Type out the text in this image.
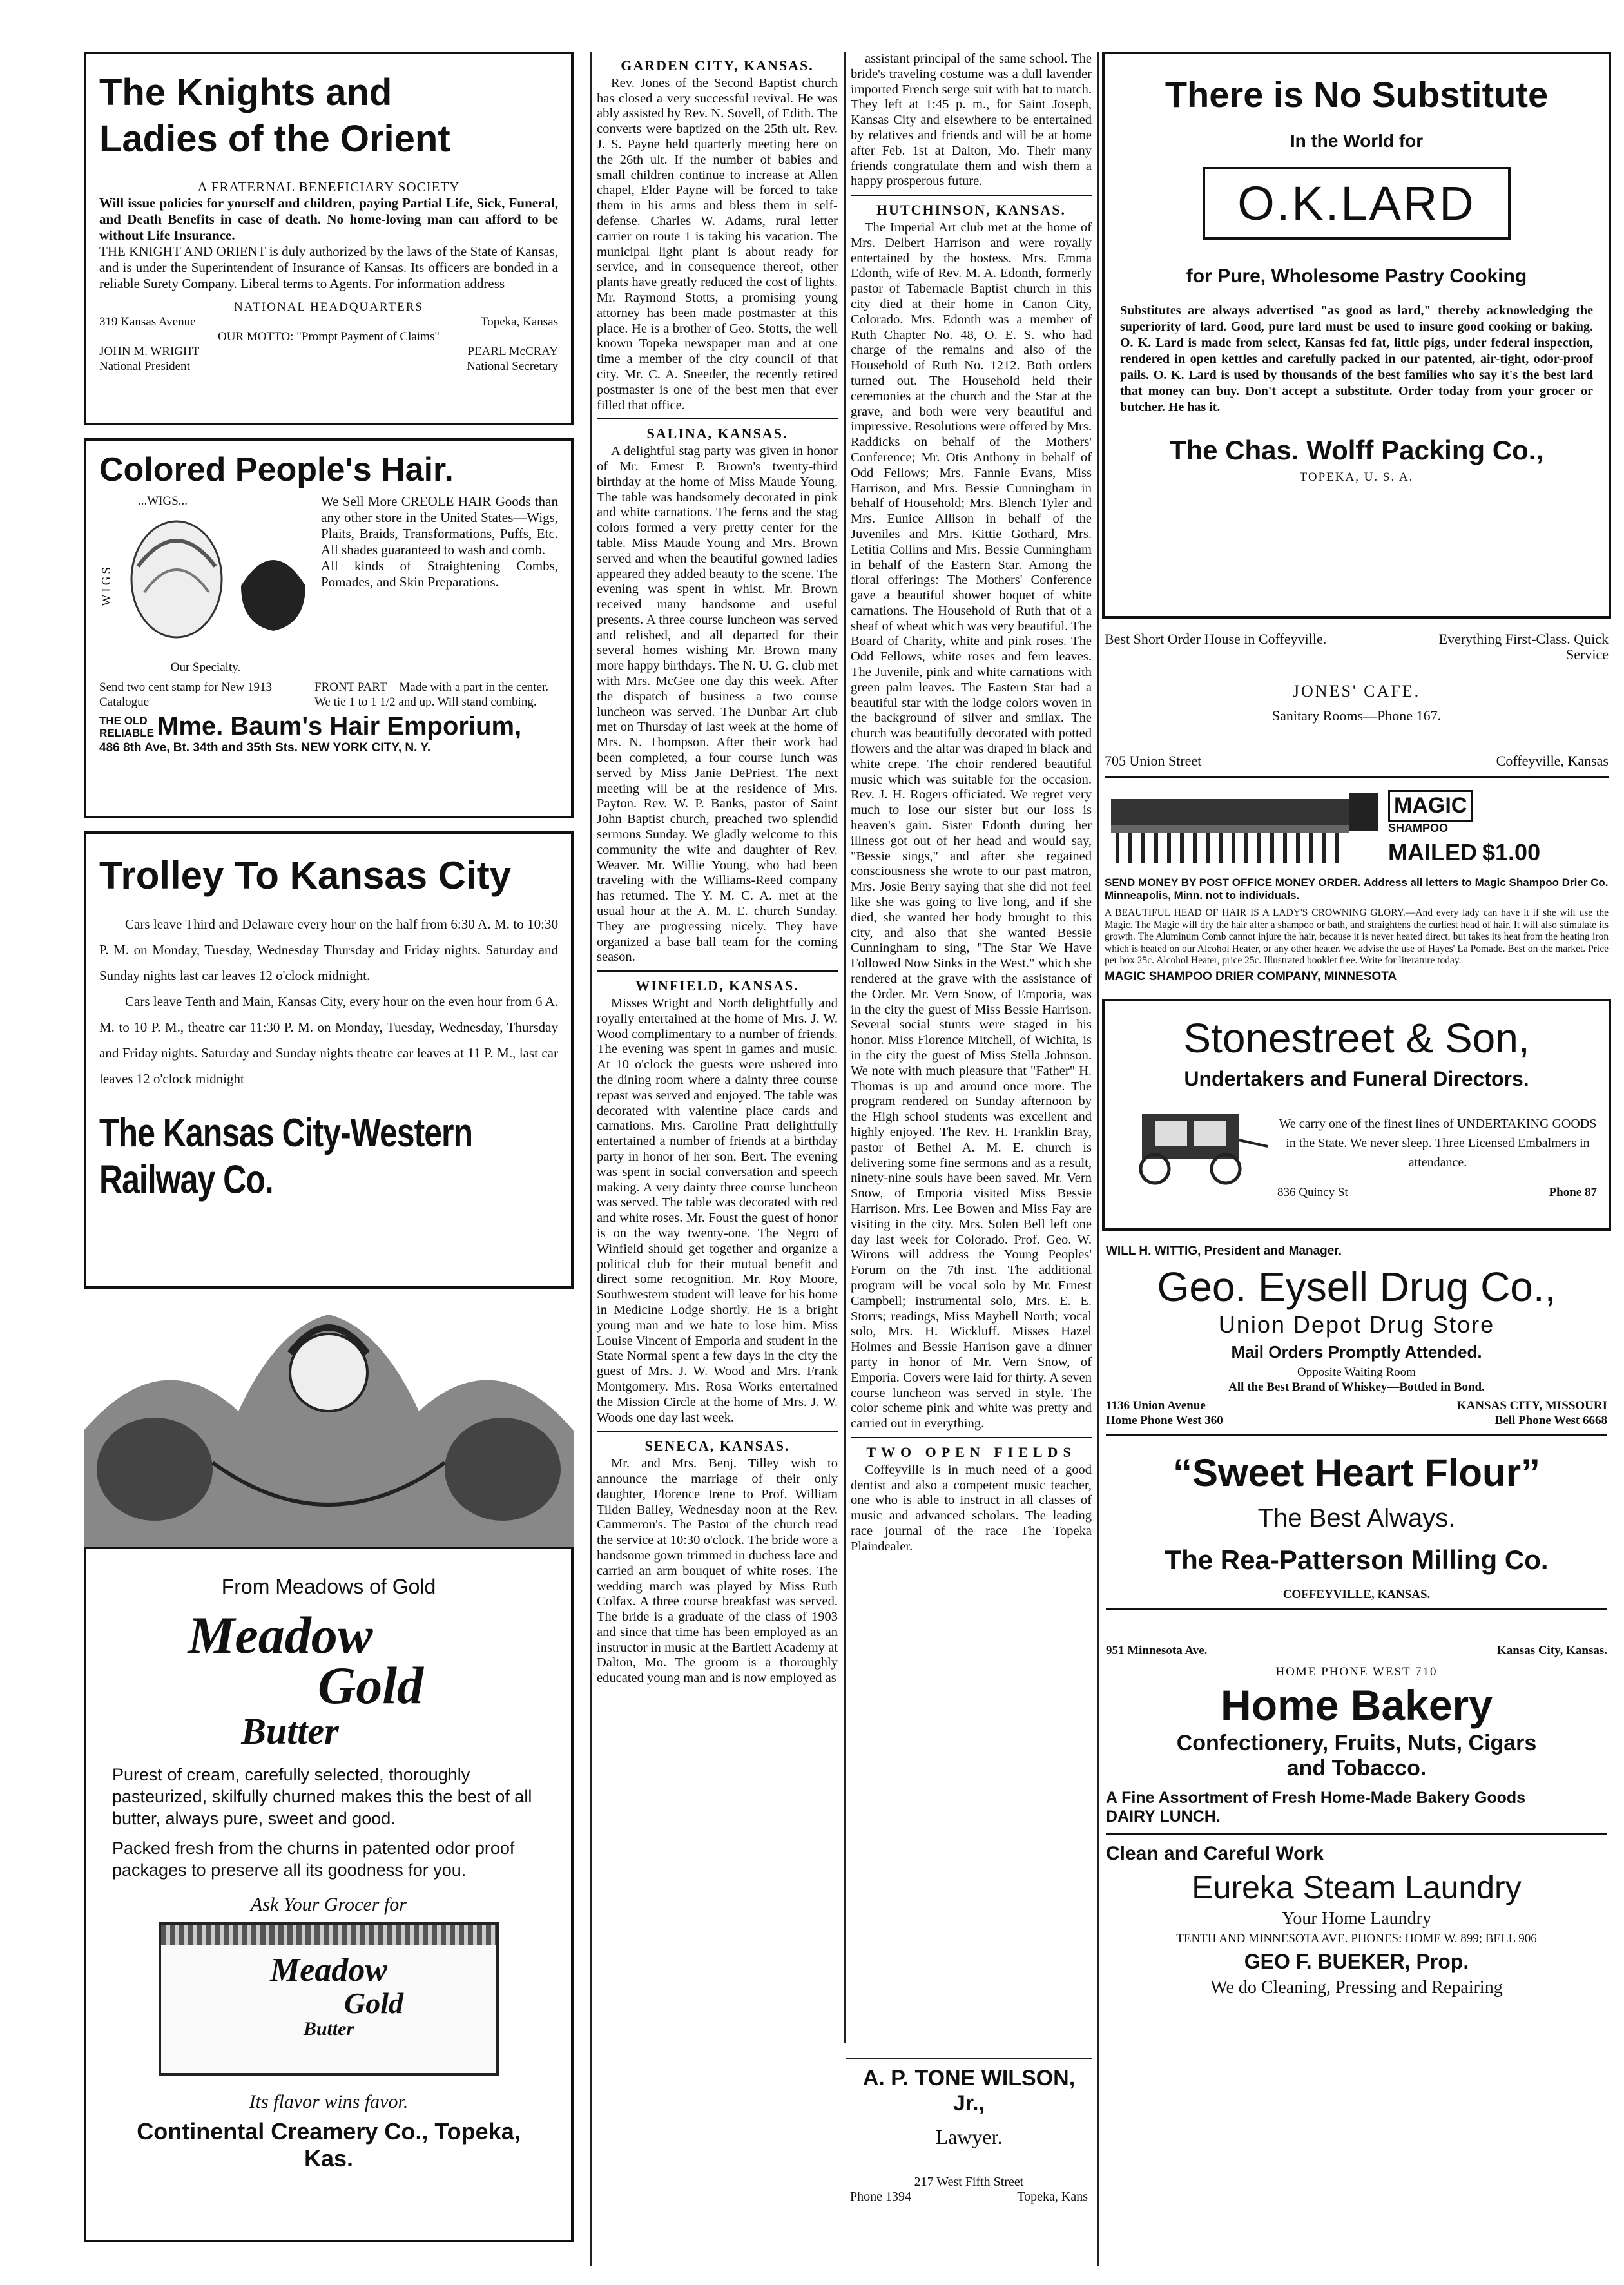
The Knights and
Ladies of the Orient
A FRATERNAL BENEFICIARY SOCIETY
Will issue policies for yourself and children, paying Partial Life, Sick, Funeral, and Death Benefits in case of death. No home-loving man can afford to be without Life Insurance.
THE KNIGHT AND ORIENT is duly authorized by the laws of the State of Kansas, and is under the Superintendent of Insurance of Kansas. Its officers are bonded in a reliable Surety Company. Liberal terms to Agents. For information address
NATIONAL HEADQUARTERS
319 Kansas Avenue	Topeka, Kansas
OUR MOTTO: "Prompt Payment of Claims"
JOHN M. WRIGHT	PEARL McCRAY
National President	National Secretary
Colored People's Hair.
...WIGS...
WIGS
Our Specialty.
We Sell More CREOLE HAIR Goods than any other store in the United States—Wigs, Plaits, Braids, Transformations, Puffs, Etc. All shades guaranteed to wash and comb.
All kinds of Straightening Combs, Pomades, and Skin Preparations.
Send two cent stamp for New 1913 Catalogue
FRONT PART—Made with a part in the center. We tie 1 to 1 1/2 and up. Will stand combing.
THE OLD RELIABLE Mme. Baum's Hair Emporium,
486 8th Ave, Bt. 34th and 35th Sts. NEW YORK CITY, N. Y.
Trolley To Kansas City
Cars leave Third and Delaware every hour on the half from 6:30 A. M. to 10:30 P. M. on Monday, Tuesday, Wednesday Thursday and Friday nights. Saturday and Sunday nights last car leaves 12 o'clock midnight.
Cars leave Tenth and Main, Kansas City, every hour on the even hour from 6 A. M. to 10 P. M., theatre car 11:30 P. M. on Monday, Tuesday, Wednesday, Thursday and Friday nights. Saturday and Sunday nights theatre car leaves at 11 P. M., last car leaves 12 o'clock midnight
The Kansas City-Western Railway Co.
From Meadows of Gold
Meadow
Gold
Butter
Purest of cream, carefully selected, thoroughly pasteurized, skilfully churned makes this the best of all butter, always pure, sweet and good.
Packed fresh from the churns in patented odor proof packages to preserve all its goodness for you.
Ask Your Grocer for
Meadow
Gold
Butter
Its flavor wins favor.
Continental Creamery Co., Topeka, Kas.
GARDEN CITY, KANSAS.

Rev. Jones of the Second Baptist church has closed a very successful revival. He was ably assisted by Rev. N. Sovell, of Edith. The converts were baptized on the 25th ult. Rev. J. S. Payne held quarterly meeting here on the 26th ult. If the number of babies and small children continue to increase at Allen chapel, Elder Payne will be forced to take them in his arms and bless them in self-defense. Charles W. Adams, rural letter carrier on route 1 is taking his vacation. The municipal light plant is about ready for service, and in consequence thereof, other plants have greatly reduced the cost of lights. Mr. Raymond Stotts, a promising young attorney has been made postmaster at this place. He is a brother of Geo. Stotts, the well known Topeka newspaper man and at one time a member of the city council of that city. Mr. C. A. Sneeder, the recently retired postmaster is one of the best men that ever filled that office.

SALINA, KANSAS.

A delightful stag party was given in honor of Mr. Ernest P. Brown's twenty-third birthday at the home of Miss Maude Young. The table was handsomely decorated in pink and white carnations. The ferns and the stag colors formed a very pretty center for the table. Miss Maude Young and Mrs. Brown served and when the beautiful gowned ladies appeared they added beauty to the scene. The evening was spent in whist. Mr. Brown received many handsome and useful presents. A three course luncheon was served and relished, and all departed for their several homes wishing Mr. Brown many more happy birthdays. The N. U. G. club met with Mrs. McGee one day this week. After the dispatch of business a two course luncheon was served. The Dunbar Art club met on Thursday of last week at the home of Mrs. N. Thompson. After their work had been completed, a four course lunch was served by Miss Janie DePriest. The next meeting will be at the residence of Mrs. Payton. Rev. W. P. Banks, pastor of Saint John Baptist church, preached two splendid sermons Sunday. We gladly welcome to this community the wife and daughter of Rev. Weaver. Mr. Willie Young, who had been traveling with the Williams-Reed company has returned. The Y. M. C. A. met at the usual hour at the A. M. E. church Sunday. They are progressing nicely. They have organized a base ball team for the coming season.

WINFIELD, KANSAS.

Misses Wright and North delightfully and royally entertained at the home of Mrs. J. W. Wood complimentary to a number of friends. The evening was spent in games and music. At 10 o'clock the guests were ushered into the dining room where a dainty three course repast was served and enjoyed. The table was decorated with valentine place cards and carnations. Mrs. Caroline Pratt delightfully entertained a number of friends at a birthday party in honor of her son, Bert. The evening was spent in social conversation and speech making. A very dainty three course luncheon was served. The table was decorated with red and white roses. Mr. Foust the guest of honor is on the way twenty-one. The Negro of Winfield should get together and organize a political club for their mutual benefit and direct some recognition. Mr. Roy Moore, Southwestern student will leave for his home in Medicine Lodge shortly. He is a bright young man and we hate to lose him. Miss Louise Vincent of Emporia and student in the State Normal spent a few days in the city the guest of Mrs. J. W. Wood and Mrs. Frank Montgomery. Mrs. Rosa Works entertained the Mission Circle at the home of Mrs. J. W. Woods one day last week.

SENECA, KANSAS.

Mr. and Mrs. Benj. Tilley wish to announce the marriage of their only daughter, Florence Irene to Prof. William Tilden Bailey, Wednesday noon at the Rev. Cammeron's. The Pastor of the church read the service at 10:30 o'clock. The bride wore a handsome gown trimmed in duchess lace and carried an arm bouquet of white roses. The wedding march was played by Miss Ruth Colfax. A three course breakfast was served. The bride is a graduate of the class of 1903 and since that time has been employed as an instructor in music at the Bartlett Academy at Dalton, Mo. The groom is a thoroughly educated young man and is now employed as

assistant principal of the same school. The bride's traveling costume was a dull lavender imported French serge suit with hat to match. They left at 1:45 p. m., for Saint Joseph, Kansas City and elsewhere to be entertained by relatives and friends and will be at home after Feb. 1st at Dalton, Mo. Their many friends congratulate them and wish them a happy prosperous future.

HUTCHINSON, KANSAS.

The Imperial Art club met at the home of Mrs. Delbert Harrison and were royally entertained by the hostess. Mrs. Emma Edonth, wife of Rev. M. A. Edonth, formerly pastor of Tabernacle Baptist church in this city died at their home in Canon City, Colorado. Mrs. Edonth was a member of Ruth Chapter No. 48, O. E. S. who had charge of the remains and also of the Household of Ruth No. 1212. Both orders turned out. The Household held their ceremonies at the church and the Star at the grave, and both were very beautiful and impressive. Resolutions were offered by Mrs. Raddicks on behalf of the Mothers' Conference; Mr. Otis Anthony in behalf of Odd Fellows; Mrs. Fannie Evans, Miss Harrison, and Mrs. Bessie Cunningham in behalf of Household; Mrs. Blench Tyler and Mrs. Eunice Allison in behalf of the Juveniles and Mrs. Kittie Gothard, Mrs. Letitia Collins and Mrs. Bessie Cunningham in behalf of the Eastern Star. Among the floral offerings: The Mothers' Conference gave a beautiful shower boquet of white carnations. The Household of Ruth that of a sheaf of wheat which was very beautiful. The Board of Charity, white and pink roses. The Odd Fellows, white roses and fern leaves. The Juvenile, pink and white carnations with green palm leaves. The Eastern Star had a beautiful star with the lodge colors woven in the background of silver and smilax. The church was beautifully decorated with potted flowers and the altar was draped in black and white crepe. The choir rendered beautiful music which was suitable for the occasion. Rev. J. H. Rogers officiated. We regret very much to lose our sister but our loss is heaven's gain. Sister Edonth during her illness got out of her head and would say, "Bessie sings," and after she regained consciousness she wrote to our past matron, Mrs. Josie Berry saying that she did not feel like she was going to live long, and if she died, she wanted her body brought to this city, and also that she wanted Bessie Cunningham to sing, "The Star We Have Followed Now Sinks in the West." which she rendered at the grave with the assistance of the Order. Mr. Vern Snow, of Emporia, was in the city the guest of Miss Bessie Harrison. Several social stunts were staged in his honor. Miss Florence Mitchell, of Wichita, is in the city the guest of Miss Stella Johnson. We note with much pleasure that "Father" H. Thomas is up and around once more. The program rendered on Sunday afternoon by the High school students was excellent and highly enjoyed. The Rev. H. Franklin Bray, pastor of Bethel A. M. E. church is delivering some fine sermons and as a result, ninety-nine souls have been saved. Mr. Vern Snow, of Emporia visited Miss Bessie Harrison. Mrs. Lee Bowen and Miss Fay are visiting in the city. Mrs. Solen Bell left one day last week for Colorado. Prof. Geo. W. Wirons will address the Young Peoples' Forum on the 7th inst. The additional program will be vocal solo by Mr. Ernest Campbell; instrumental solo, Mrs. E. E. Storrs; readings, Miss Maybell North; vocal solo, Mrs. H. Wickluff. Misses Hazel Holmes and Bessie Harrison gave a dinner party in honor of Mr. Vern Snow, of Emporia. Covers were laid for thirty. A seven course luncheon was served in style. The color scheme pink and white was pretty and carried out in everything.

TWO OPEN FIELDS

Coffeyville is in much need of a good dentist and also a competent music teacher, one who is able to instruct in all classes of music and advanced scholars. The leading race journal of the race—The Topeka Plaindealer.

A. P. TONE WILSON, Jr.,
Lawyer.
217 West Fifth Street
Phone 1394	Topeka, Kans
There is No Substitute
In the World for
O.K.LARD
for Pure, Wholesome Pastry Cooking
Substitutes are always advertised "as good as lard," thereby acknowledging the superiority of lard. Good, pure lard must be used to insure good cooking or baking. O. K. Lard is made from select, Kansas fed fat, little pigs, under federal inspection, rendered in open kettles and carefully packed in our patented, air-tight, odor-proof pails. O. K. Lard is used by thousands of the best families who say it's the best lard that money can buy. Don't accept a substitute. Order today from your grocer or butcher. He has it.
The Chas. Wolff Packing Co.,
TOPEKA, U. S. A.
Best Short Order House in Coffeyville.	Everything First-Class. Quick Service
JONES' CAFE.
Sanitary Rooms—Phone 167.
705 Union Street	Coffeyville, Kansas
MAGIC
SHAMPOO
MAILED $1.00
SEND MONEY BY POST OFFICE MONEY ORDER. Address all letters to Magic Shampoo Drier Co. Minneapolis, Minn. not to individuals.
A BEAUTIFUL HEAD OF HAIR IS A LADY'S CROWNING GLORY.—And every lady can have it if she will use the Magic. The Magic will dry the hair after a shampoo or bath, and straightens the curliest head of hair. It will also stimulate its growth. The Aluminum Comb cannot injure the hair, because it is never heated direct, but takes its heat from the heating iron which is heated on our Alcohol Heater, or any other heater. We advise the use of Hayes' La Pomade. Best on the market. Price per box 25c. Alcohol Heater, price 25c. Illustrated booklet free. Write for literature today.
MAGIC SHAMPOO DRIER COMPANY, MINNESOTA
Stonestreet & Son,
Undertakers and Funeral Directors.
We carry one of the finest lines of UNDERTAKING GOODS in the State. We never sleep. Three Licensed Embalmers in attendance.
836 Quincy St	Phone 87
WILL H. WITTIG, President and Manager.
Geo. Eysell Drug Co.,
Union Depot Drug Store
Mail Orders Promptly Attended.
Opposite Waiting Room
All the Best Brand of Whiskey—Bottled in Bond.
1136 Union Avenue	KANSAS CITY, MISSOURI
Home Phone West 360	Bell Phone West 6668
“Sweet Heart Flour”
The Best Always.
The Rea-Patterson Milling Co.
COFFEYVILLE, KANSAS.
951 Minnesota Ave.	Kansas City, Kansas.
HOME PHONE WEST 710
Home Bakery
Confectionery, Fruits, Nuts, Cigars
and Tobacco.
A Fine Assortment of Fresh Home-Made Bakery Goods
DAIRY LUNCH.
Clean and Careful Work
Eureka Steam Laundry
Your Home Laundry
TENTH AND MINNESOTA AVE. PHONES: HOME W. 899; BELL 906
GEO F. BUEKER, Prop.
We do Cleaning, Pressing and Repairing
